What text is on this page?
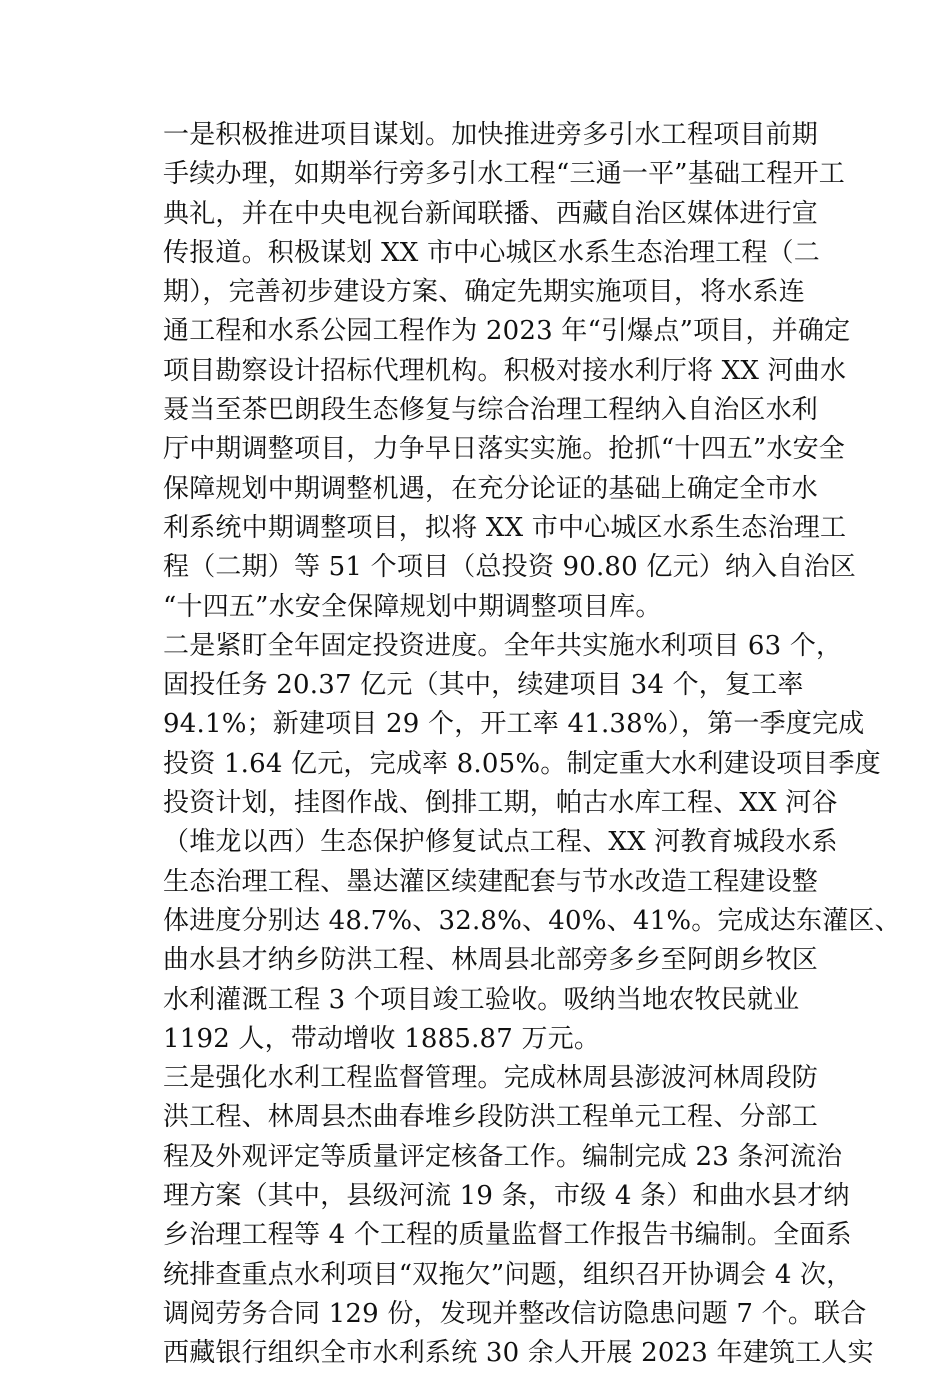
一是积极推进项目谋划。加快推进旁多引水工程项目前期
手续办理，如期举行旁多引水工程“三通一平”基础工程开工
典礼，并在中央电视台新闻联播、西藏自治区媒体进行宣
传报道。积极谋划 XX 市中心城区水系生态治理工程（二
期），完善初步建设方案、确定先期实施项目，将水系连
通工程和水系公园工程作为 2023 年“引爆点”项目，并确定
项目勘察设计招标代理机构。积极对接水利厅将 XX 河曲水
聂当至茶巴朗段生态修复与综合治理工程纳入自治区水利
厅中期调整项目，力争早日落实实施。抢抓“十四五”水安全
保障规划中期调整机遇，在充分论证的基础上确定全市水
利系统中期调整项目，拟将 XX 市中心城区水系生态治理工
程（二期）等 51 个项目（总投资 90.80 亿元）纳入自治区
“十四五”水安全保障规划中期调整项目库。

二是紧盯全年固定投资进度。全年共实施水利项目 63 个，
固投任务 20.37 亿元（其中，续建项目 34 个，复工率
94.1%；新建项目 29 个，开工率 41.38%），第一季度完成
投资 1.64 亿元，完成率 8.05%。制定重大水利建设项目季度
投资计划，挂图作战、倒排工期，帕古水库工程、XX 河谷
（堆龙以西）生态保护修复试点工程、XX 河教育城段水系
生态治理工程、墨达灌区续建配套与节水改造工程建设整
体进度分别达 48.7%、32.8%、40%、41%。完成达东灌区、
曲水县才纳乡防洪工程、林周县北部旁多乡至阿朗乡牧区
水利灌溉工程 3 个项目竣工验收。吸纳当地农牧民就业
1192 人，带动增收 1885.87 万元。

三是强化水利工程监督管理。完成林周县澎波河林周段防
洪工程、林周县杰曲春堆乡段防洪工程单元工程、分部工
程及外观评定等质量评定核备工作。编制完成 23 条河流治
理方案（其中，县级河流 19 条，市级 4 条）和曲水县才纳
乡治理工程等 4 个工程的质量监督工作报告书编制。全面系
统排查重点水利项目“双拖欠”问题，组织召开协调会 4 次，
调阅劳务合同 129 份，发现并整改信访隐患问题 7 个。联合
西藏银行组织全市水利系统 30 余人开展 2023 年建筑工人实
